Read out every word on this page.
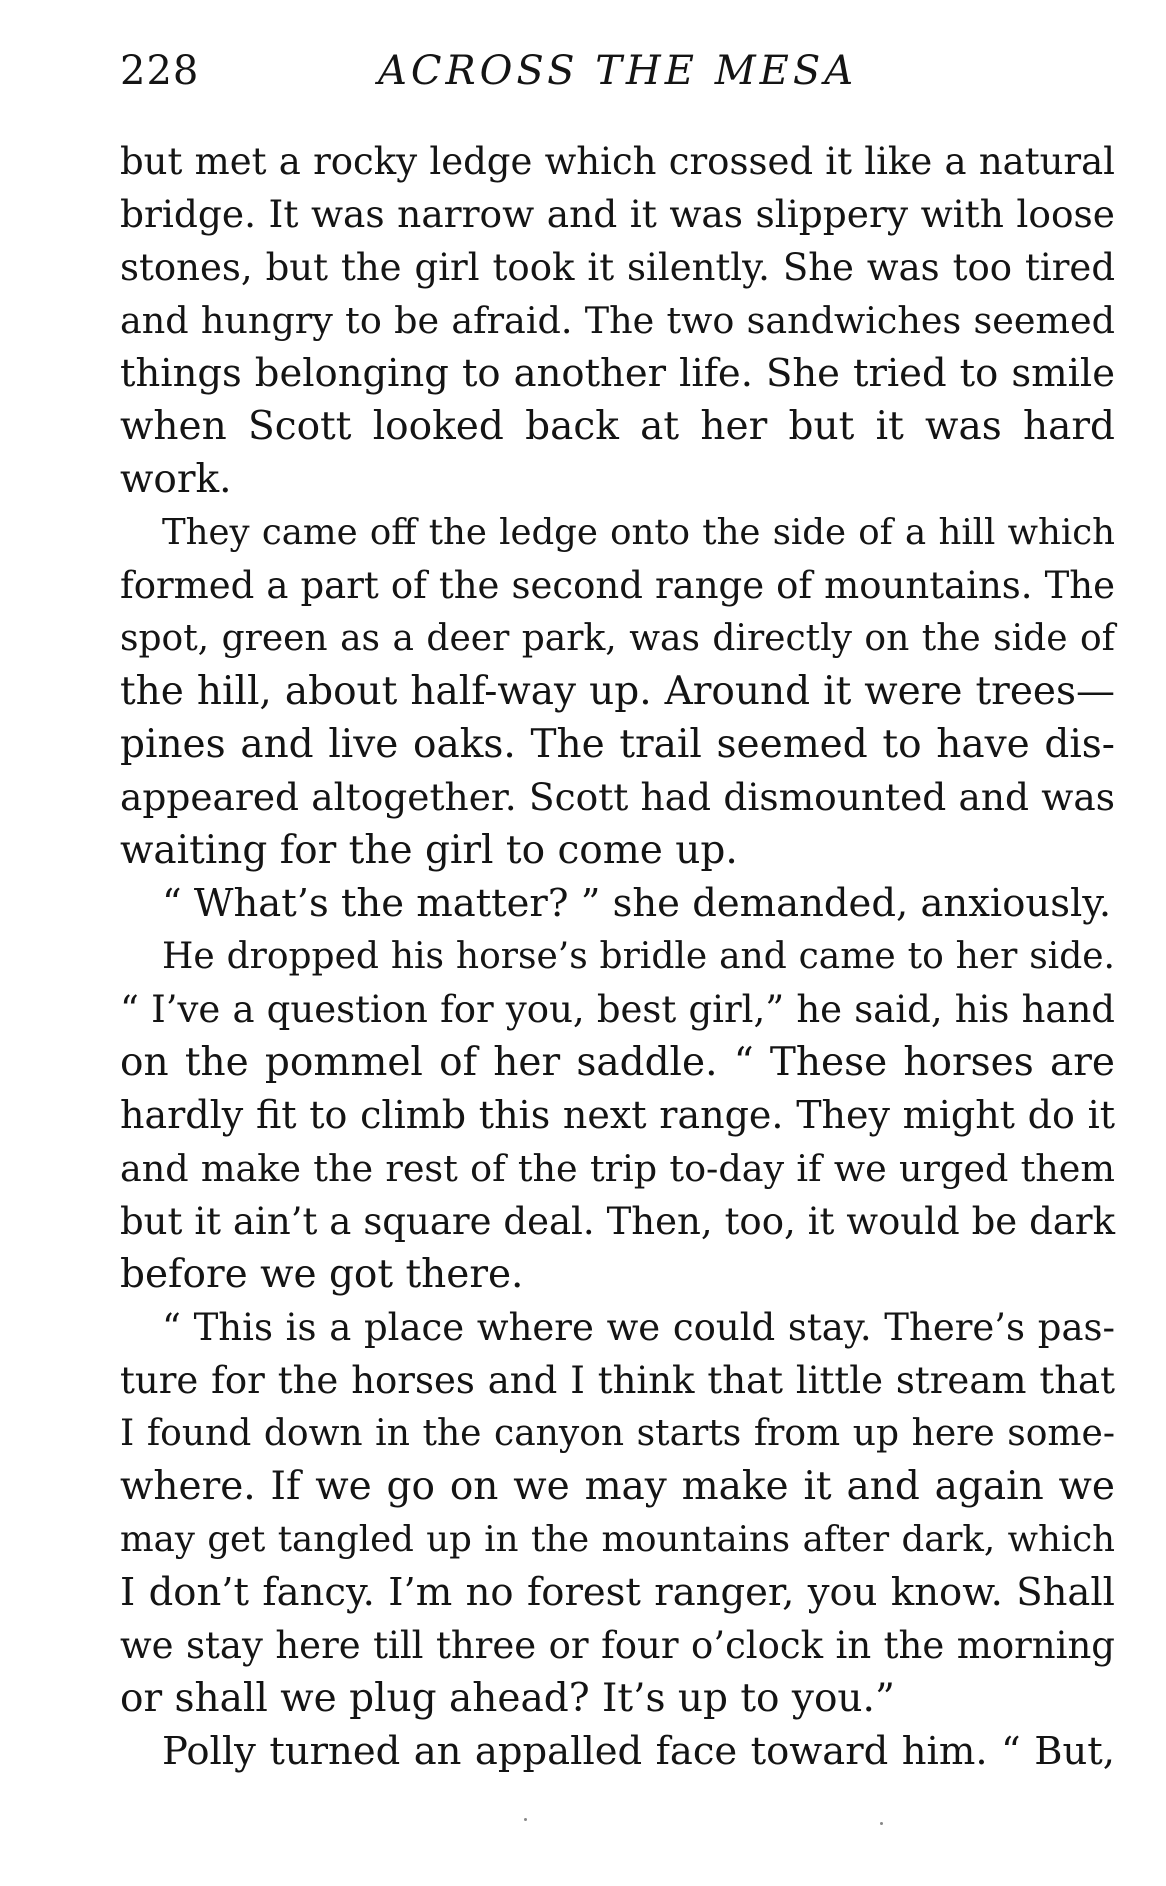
228	ACROSS THE MESA
but met a rocky ledge which crossed it like a natural
bridge. It was narrow and it was slippery with loose
stones, but the girl took it silently. She was too tired
and hungry to be afraid. The two sandwiches seemed
things belonging to another life. She tried to smile
when Scott looked back at her but it was hard
work.
They came off the ledge onto the side of a hill which
formed a part of the second range of mountains. The
spot, green as a deer park, was directly on the side of
the hill, about half-way up. Around it were trees—
pines and live oaks. The trail seemed to have dis-
appeared altogether. Scott had dismounted and was
waiting for the girl to come up.
“ What’s the matter? ” she demanded, anxiously.
He dropped his horse’s bridle and came to her side.
“ I’ve a question for you, best girl,” he said, his hand
on the pommel of her saddle. “ These horses are
hardly fit to climb this next range. They might do it
and make the rest of the trip to-day if we urged them
but it ain’t a square deal. Then, too, it would be dark
before we got there.
“ This is a place where we could stay. There’s pas-
ture for the horses and I think that little stream that
I found down in the canyon starts from up here some-
where. If we go on we may make it and again we
may get tangled up in the mountains after dark, which
I don’t fancy. I’m no forest ranger, you know. Shall
we stay here till three or four o’clock in the morning
or shall we plug ahead? It’s up to you.”
Polly turned an appalled face toward him. “ But,
